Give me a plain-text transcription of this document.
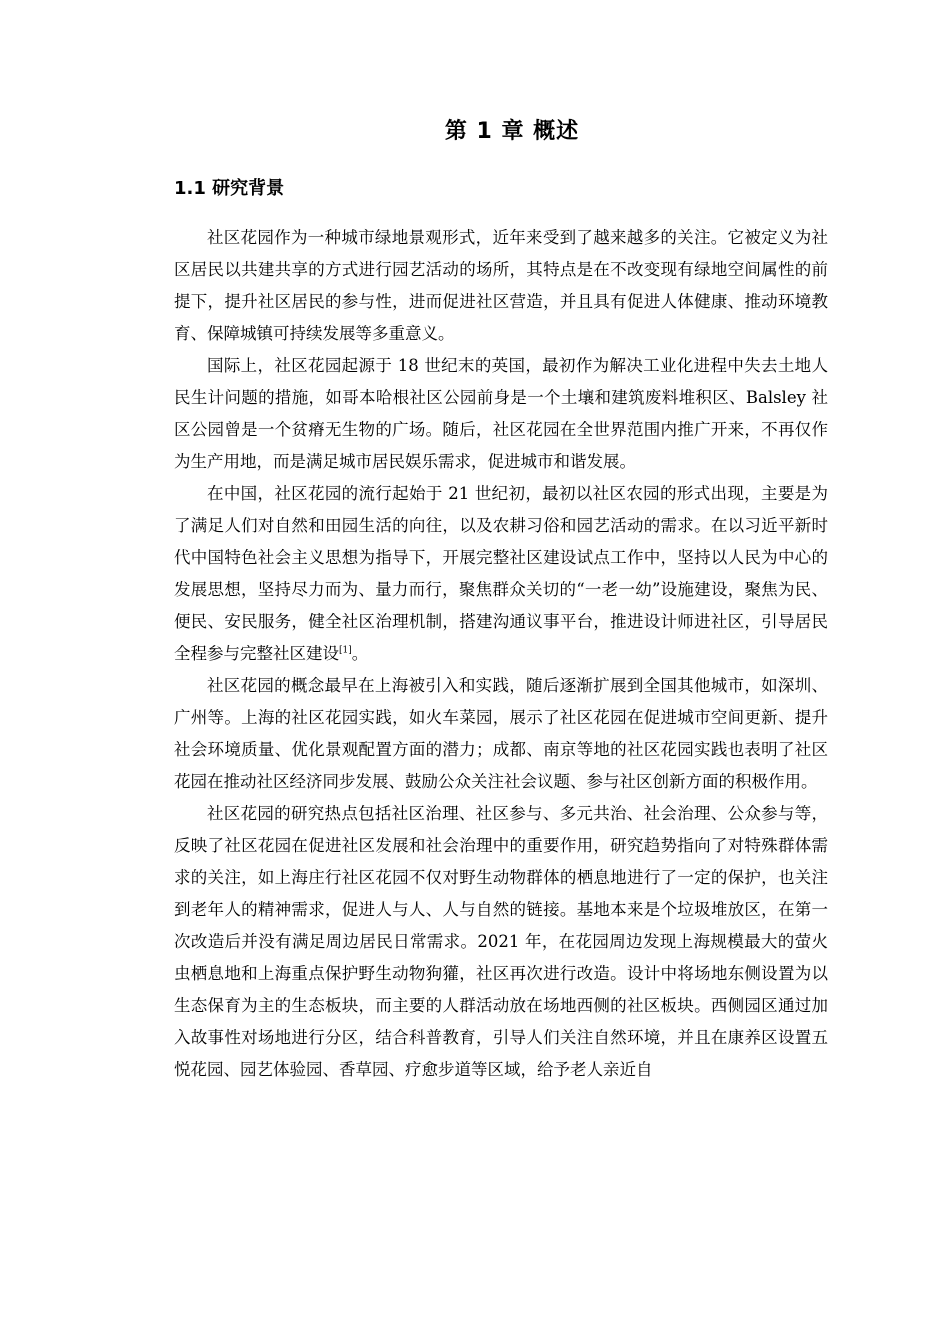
第 1 章 概述
1.1 研究背景

社区花园作为一种城市绿地景观形式，近年来受到了越来越多的关注。它被定义为社区居民以共建共享的方式进行园艺活动的场所，其特点是在不改变现有绿地空间属性的前提下，提升社区居民的参与性，进而促进社区营造，并且具有促进人体健康、推动环境教育、保障城镇可持续发展等多重意义。

国际上，社区花园起源于 18 世纪末的英国，最初作为解决工业化进程中失去土地人民生计问题的措施，如哥本哈根社区公园前身是一个土壤和建筑废料堆积区、Balsley 社区公园曾是一个贫瘠无生物的广场。随后，社区花园在全世界范围内推广开来，不再仅作为生产用地，而是满足城市居民娱乐需求，促进城市和谐发展。

在中国，社区花园的流行起始于 21 世纪初，最初以社区农园的形式出现，主要是为了满足人们对自然和田园生活的向往，以及农耕习俗和园艺活动的需求。在以习近平新时代中国特色社会主义思想为指导下，开展完整社区建设试点工作中，坚持以人民为中心的发展思想，坚持尽力而为、量力而行，聚焦群众关切的“一老一幼”设施建设，聚焦为民、便民、安民服务，健全社区治理机制，搭建沟通议事平台，推进设计师进社区，引导居民全程参与完整社区建设[1]。

社区花园的概念最早在上海被引入和实践，随后逐渐扩展到全国其他城市，如深圳、广州等。上海的社区花园实践，如火车菜园，展示了社区花园在促进城市空间更新、提升社会环境质量、优化景观配置方面的潜力；成都、南京等地的社区花园实践也表明了社区花园在推动社区经济同步发展、鼓励公众关注社会议题、参与社区创新方面的积极作用。

社区花园的研究热点包括社区治理、社区参与、多元共治、社会治理、公众参与等，反映了社区花园在促进社区发展和社会治理中的重要作用，研究趋势指向了对特殊群体需求的关注，如上海庄行社区花园不仅对野生动物群体的栖息地进行了一定的保护，也关注到老年人的精神需求，促进人与人、人与自然的链接。基地本来是个垃圾堆放区，在第一次改造后并没有满足周边居民日常需求。2021 年，在花园周边发现上海规模最大的萤火虫栖息地和上海重点保护野生动物狗獾，社区再次进行改造。设计中将场地东侧设置为以生态保育为主的生态板块，而主要的人群活动放在场地西侧的社区板块。西侧园区通过加入故事性对场地进行分区，结合科普教育，引导人们关注自然环境，并且在康养区设置五悦花园、园艺体验园、香草园、疗愈步道等区域，给予老人亲近自
